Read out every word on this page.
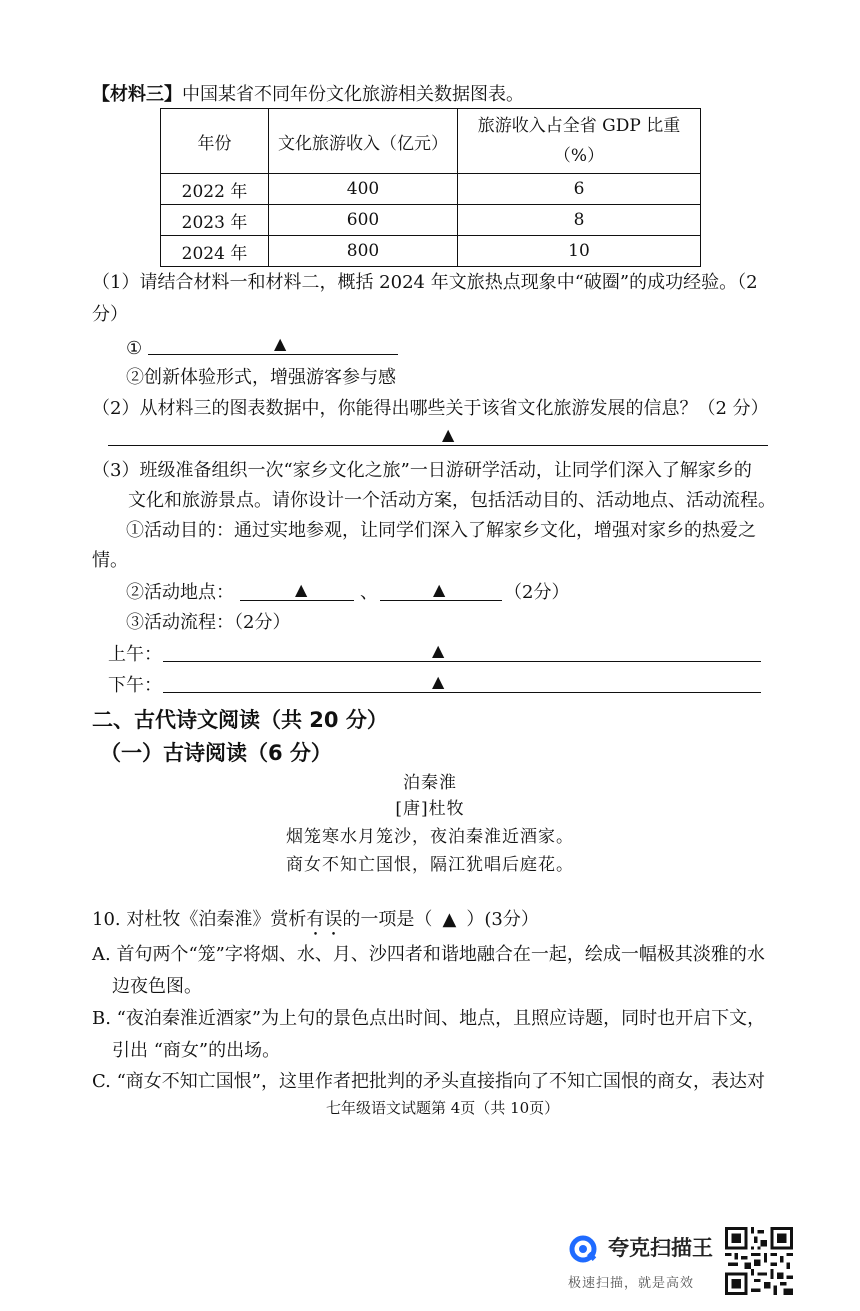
【材料三】中国某省不同年份文化旅游相关数据图表。
年份	文化旅游收入（亿元）	旅游收入占全省 GDP 比重
（%）

2022 年	400	6
2023 年	600	8
2024 年	800	10
（1）请结合材料一和材料二，概括 2024 年文旅热点现象中“破圈”的成功经验。（2
分）
①	▲
②创新体验形式，增强游客参与感
（2）从材料三的图表数据中，你能得出哪些关于该省文化旅游发展的信息？（2 分）
▲
（3）班级准备组织一次“家乡文化之旅”一日游研学活动，让同学们深入了解家乡的
文化和旅游景点。请你设计一个活动方案，包括活动目的、活动地点、活动流程。
①活动目的：通过实地参观，让同学们深入了解家乡文化，增强对家乡的热爱之
情。
②活动地点：	▲	、	▲	（2分）
③活动流程：（2分）
上午：	▲
下午：	▲
二、古代诗文阅读（共 20 分）
（一）古诗阅读（6 分）
泊秦淮
[唐]杜牧
烟笼寒水月笼沙，夜泊秦淮近酒家。
商女不知亡国恨，隔江犹唱后庭花。
10. 对杜牧《泊秦淮》赏析有误的一项是（ ▲ ）(3分）
A. 首句两个“笼”字将烟、水、月、沙四者和谐地融合在一起，绘成一幅极其淡雅的水
边夜色图。
B. “夜泊秦淮近酒家”为上句的景色点出时间、地点，且照应诗题，同时也开启下文，
引出 “商女”的出场。
C. “商女不知亡国恨”，这里作者把批判的矛头直接指向了不知亡国恨的商女，表达对
七年级语文试题第 4页（共 10页）
夸克扫描王
极速扫描，就是高效
